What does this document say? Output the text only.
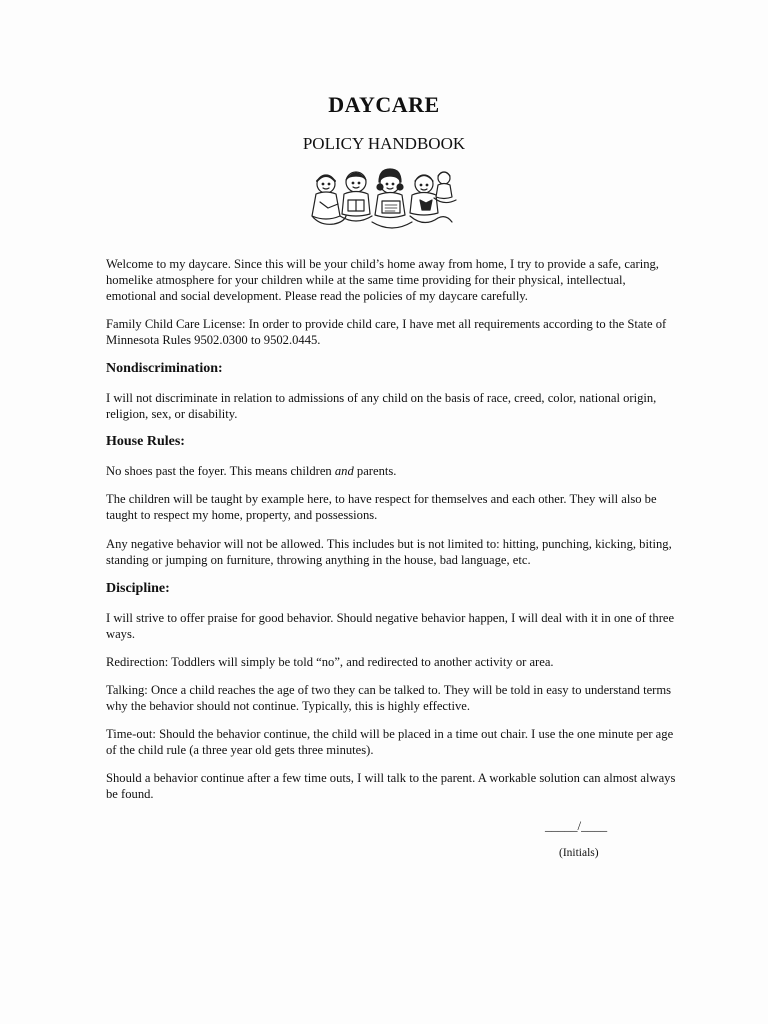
DAYCARE
POLICY HANDBOOK

Welcome to my daycare. Since this will be your child’s home away from home, I try to provide a safe, caring, homelike atmosphere for your children while at the same time providing for their physical, intellectual, emotional and social development. Please read the policies of my daycare carefully.

Family Child Care License: In order to provide child care, I have met all requirements according to the State of Minnesota Rules 9502.0300 to 9502.0445.

Nondiscrimination:

I will not discriminate in relation to admissions of any child on the basis of race, creed, color, national origin, religion, sex, or disability.

House Rules:

No shoes past the foyer. This means children and parents.

The children will be taught by example here, to have respect for themselves and each other. They will also be taught to respect my home, property, and possessions.

Any negative behavior will not be allowed. This includes but is not limited to: hitting, punching, kicking, biting, standing or jumping on furniture, throwing anything in the house, bad language, etc.

Discipline:

I will strive to offer praise for good behavior. Should negative behavior happen, I will deal with it in one of three ways.

Redirection: Toddlers will simply be told “no”, and redirected to another activity or area.

Talking: Once a child reaches the age of two they can be talked to. They will be told in easy to understand terms why the behavior should not continue. Typically, this is highly effective.

Time-out: Should the behavior continue, the child will be placed in a time out chair. I use the one minute per age of the child rule (a three year old gets three minutes).

Should a behavior continue after a few time outs, I will talk to the parent. A workable solution can almost always be found.

_____/____
(Initials)
